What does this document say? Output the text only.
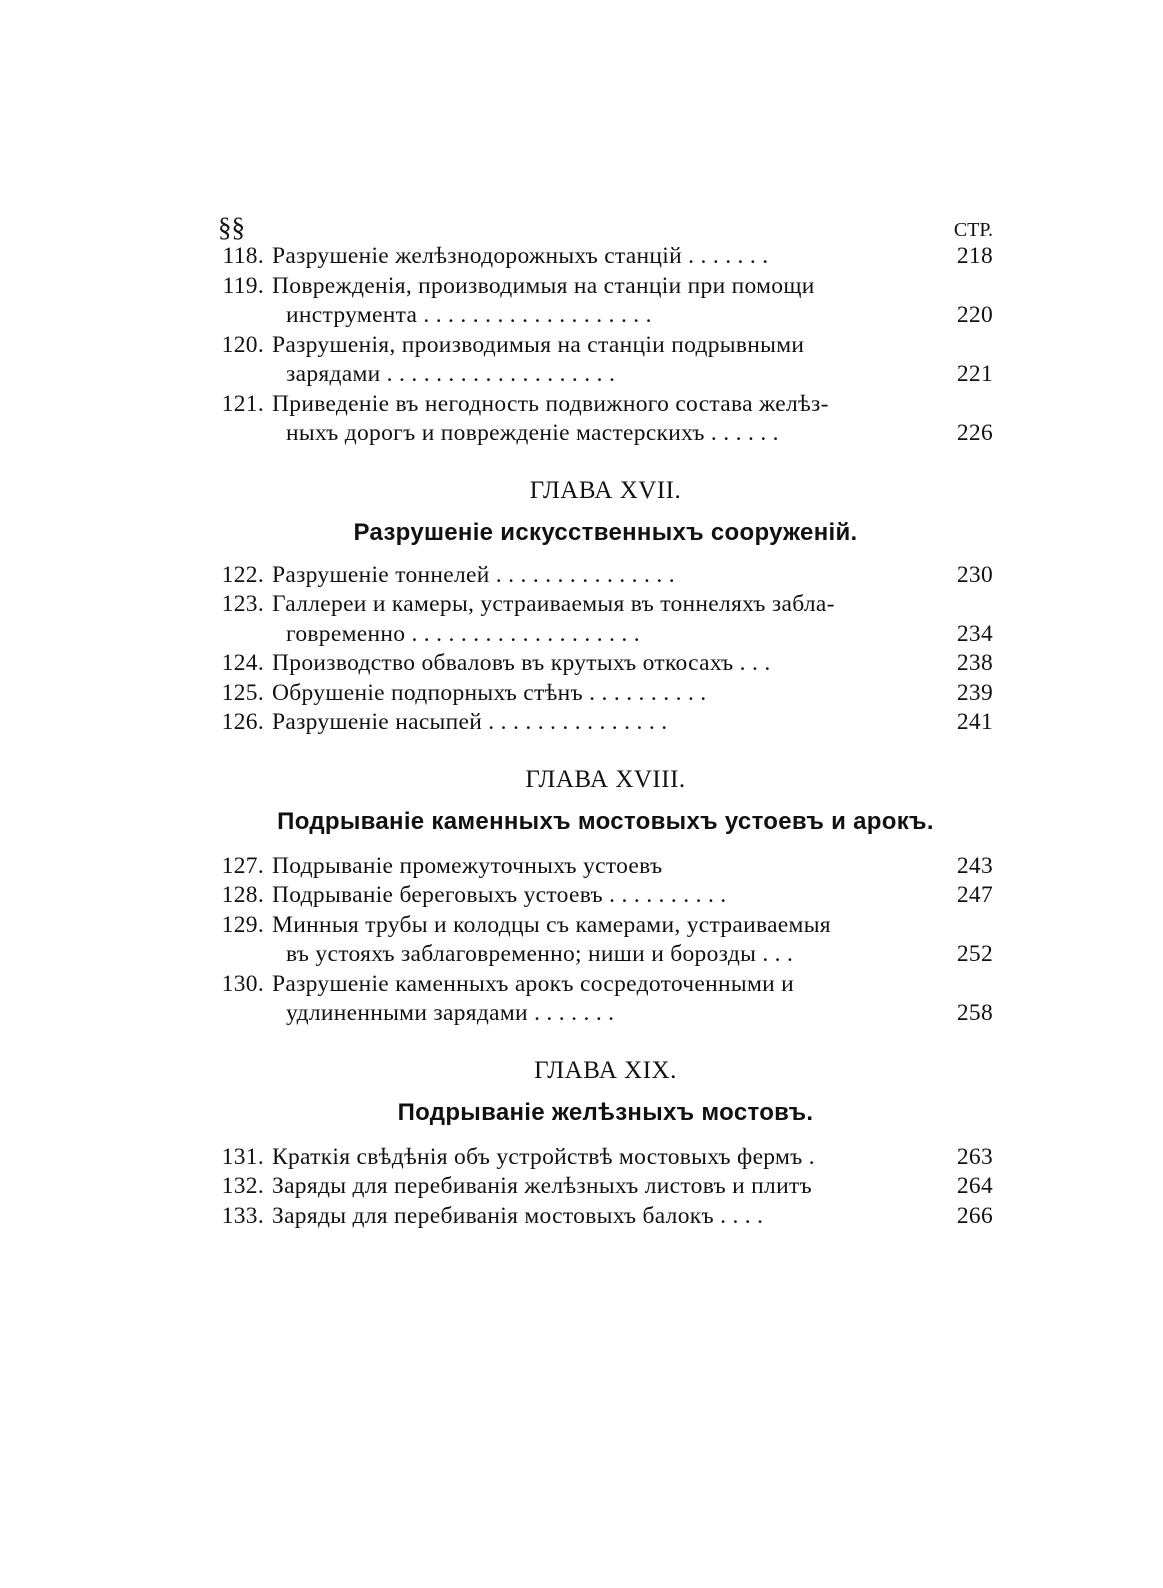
§§	СТР.
118. Разрушеніе желѣзнодорожныхъ станцій . . . . . . .	218
119. Поврежденія, производимыя на станціи при помощи
инструмента . . . . . . . . . . . . . . . . . . .	220
120. Разрушенія, производимыя на станціи подрывными
зарядами . . . . . . . . . . . . . . . . . . .	221
121. Приведеніе въ негодность подвижного состава желѣз-
ныхъ дорогъ и поврежденіе мастерскихъ . . . . . .	226
ГЛАВА XVII.
Разрушеніе искусственныхъ сооруженій.
122. Разрушеніе тоннелей . . . . . . . . . . . . . . .	230
123. Галлереи и камеры, устраиваемыя въ тоннеляхъ забла-
говременно . . . . . . . . . . . . . . . . . . .	234
124. Производство обваловъ въ крутыхъ откосахъ . . .	238
125. Обрушеніе подпорныхъ стѣнъ . . . . . . . . . .	239
126. Разрушеніе насыпей . . . . . . . . . . . . . . .	241
ГЛАВА XVIII.
Подрываніе каменныхъ мостовыхъ устоевъ и арокъ.
127. Подрываніе промежуточныхъ устоевъ	243
128. Подрываніе береговыхъ устоевъ . . . . . . . . . .	247
129. Минныя трубы и колодцы съ камерами, устраиваемыя
въ устояхъ заблаговременно; ниши и борозды . . .	252
130. Разрушеніе каменныхъ арокъ сосредоточенными и
удлиненными зарядами . . . . . . .	258
ГЛАВА XIX.
Подрываніе желѣзныхъ мостовъ.
131. Краткія свѣдѣнія объ устройствѣ мостовыхъ фермъ .	263
132. Заряды для перебиванія желѣзныхъ листовъ и плитъ	264
133. Заряды для перебиванія мостовыхъ балокъ . . . .	266
